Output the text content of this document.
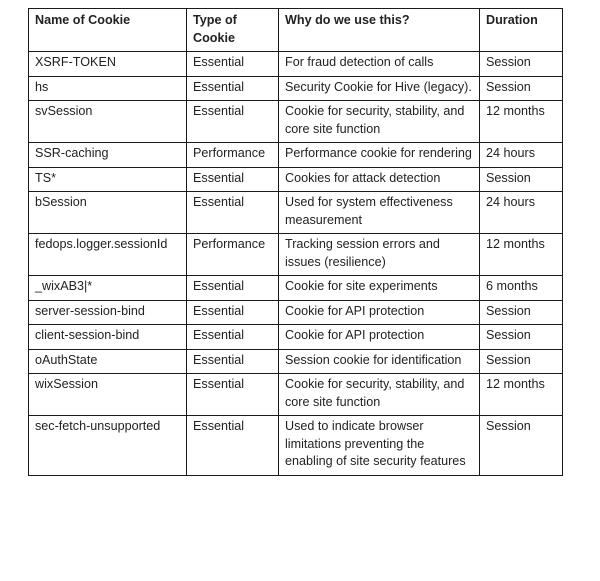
Name of Cookie	Type of Cookie	Why do we use this?	Duration
XSRF-TOKEN	Essential	For fraud detection of calls	Session
hs	Essential	Security Cookie for Hive (legacy).	Session
svSession	Essential	Cookie for security, stability, and core site function	12 months
SSR-caching	Performance	Performance cookie for rendering	24 hours
TS*	Essential	Cookies for attack detection	Session
bSession	Essential	Used for system effectiveness measurement	24 hours
fedops.logger.sessionId	Performance	Tracking session errors and issues (resilience)	12 months
_wixAB3|*	Essential	Cookie for site experiments	6 months
server-session-bind	Essential	Cookie for API protection	Session
client-session-bind	Essential	Cookie for API protection	Session
oAuthState	Essential	Session cookie for identification	Session
wixSession	Essential	Cookie for security, stability, and core site function	12 months
sec-fetch-unsupported	Essential	Used to indicate browser limitations preventing the enabling of site security features	Session
